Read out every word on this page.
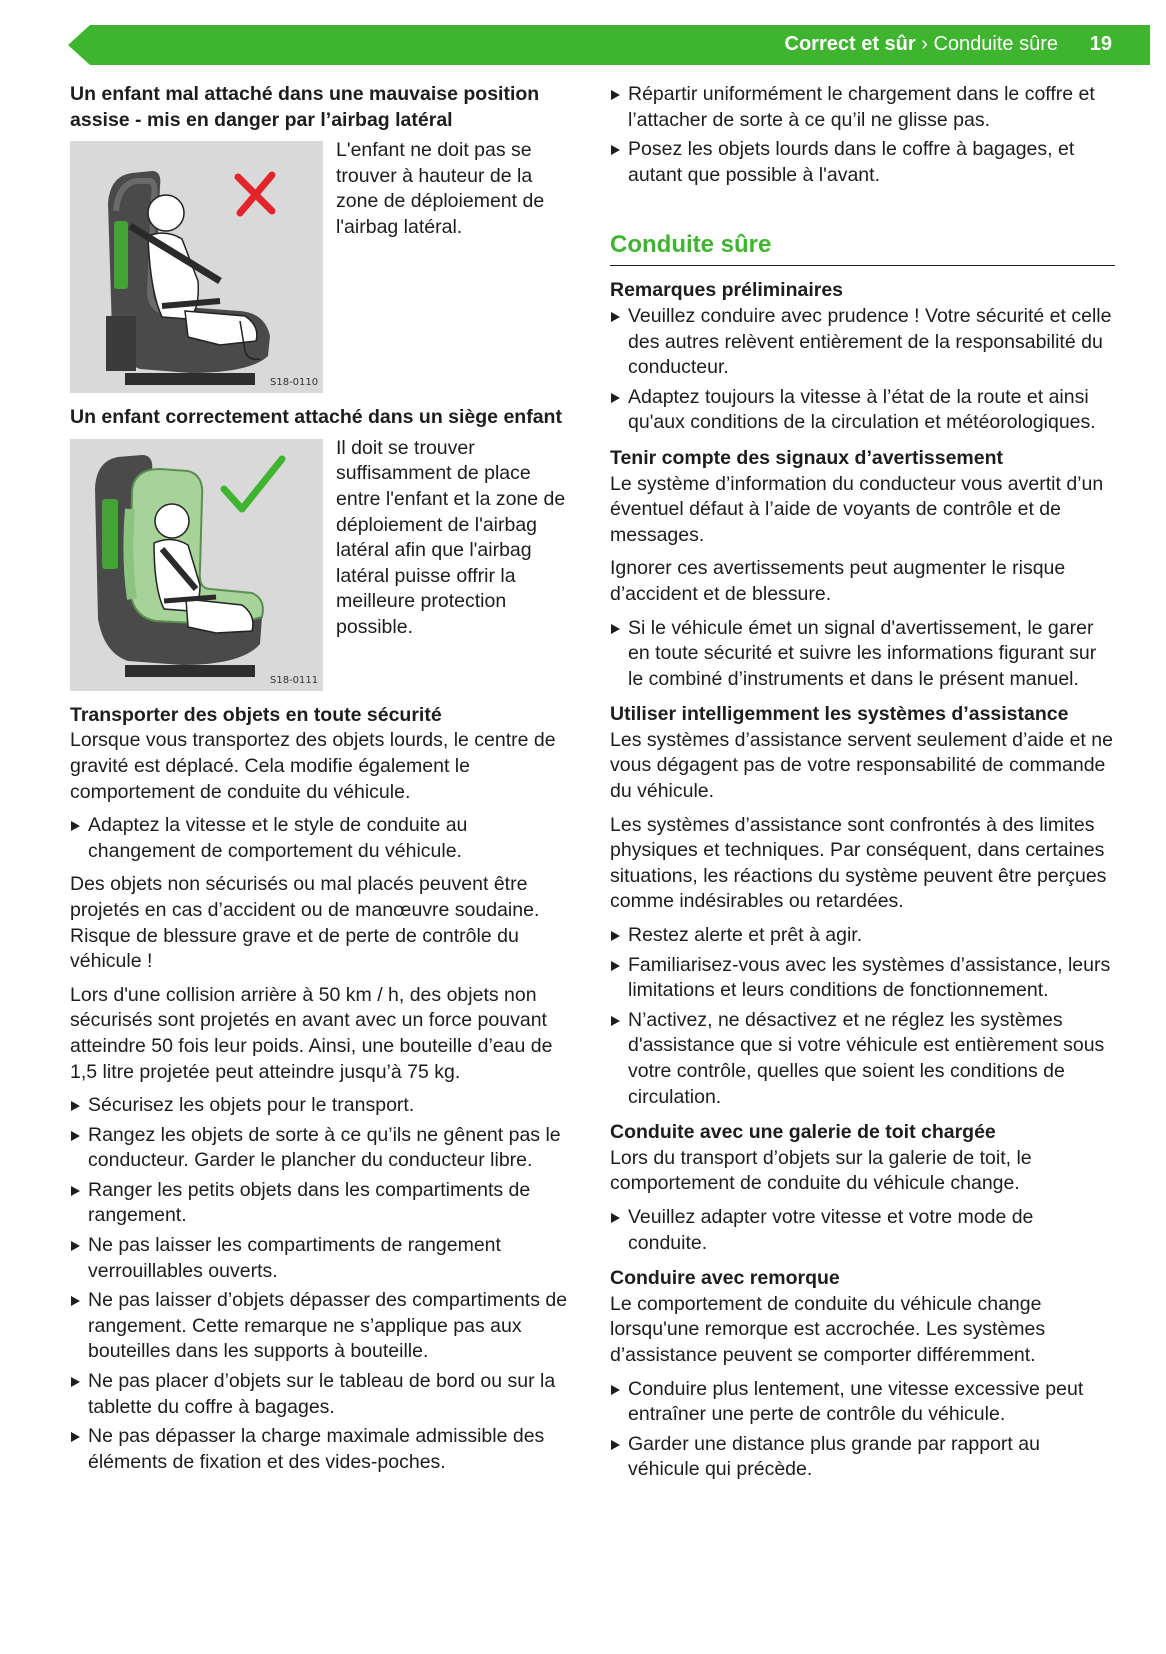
Correct et sûr › Conduite sûre 19

Un enfant mal attaché dans une mauvaise position assise - mis en danger par l’airbag latéral

S18-0110
L'enfant ne doit pas se trouver à hauteur de la zone de déploiement de l'airbag latéral.

Un enfant correctement attaché dans un siège enfant

S18-0111
Il doit se trouver suffisamment de place entre l'enfant et la zone de déploiement de l'airbag latéral afin que l'airbag latéral puisse offrir la meilleure protection possible.

Transporter des objets en toute sécurité

Lorsque vous transportez des objets lourds, le centre de gravité est déplacé. Cela modifie également le comportement de conduite du véhicule.

Adaptez la vitesse et le style de conduite au changement de comportement du véhicule.

Des objets non sécurisés ou mal placés peuvent être projetés en cas d’accident ou de manœuvre soudaine. Risque de blessure grave et de perte de contrôle du véhicule !

Lors d'une collision arrière à 50 km / h, des objets non sécurisés sont projetés en avant avec un force pouvant atteindre 50 fois leur poids. Ainsi, une bouteille d’eau de 1,5 litre projetée peut atteindre jusqu’à 75 kg.

Sécurisez les objets pour le transport.

Rangez les objets de sorte à ce qu’ils ne gênent pas le conducteur. Garder le plancher du conducteur libre.

Ranger les petits objets dans les compartiments de rangement.

Ne pas laisser les compartiments de rangement verrouillables ouverts.

Ne pas laisser d’objets dépasser des compartiments de rangement. Cette remarque ne s’applique pas aux bouteilles dans les supports à bouteille.

Ne pas placer d’objets sur le tableau de bord ou sur la tablette du coffre à bagages.

Ne pas dépasser la charge maximale admissible des éléments de fixation et des vides-poches.

Répartir uniformément le chargement dans le coffre et l’attacher de sorte à ce qu’il ne glisse pas.

Posez les objets lourds dans le coffre à bagages, et autant que possible à l'avant.

Conduite sûre

Remarques préliminaires

Veuillez conduire avec prudence ! Votre sécurité et celle des autres relèvent entièrement de la responsabilité du conducteur.

Adaptez toujours la vitesse à l’état de la route et ainsi qu'aux conditions de la circulation et météorologiques.

Tenir compte des signaux d’avertissement

Le système d’information du conducteur vous avertit d’un éventuel défaut à l’aide de voyants de contrôle et de messages.

Ignorer ces avertissements peut augmenter le risque d’accident et de blessure.

Si le véhicule émet un signal d'avertissement, le garer en toute sécurité et suivre les informations figurant sur le combiné d’instruments et dans le présent manuel.

Utiliser intelligemment les systèmes d’assistance

Les systèmes d’assistance servent seulement d’aide et ne vous dégagent pas de votre responsabilité de commande du véhicule.

Les systèmes d’assistance sont confrontés à des limites physiques et techniques. Par conséquent, dans certaines situations, les réactions du système peuvent être perçues comme indésirables ou retardées.

Restez alerte et prêt à agir.

Familiarisez-vous avec les systèmes d’assistance, leurs limitations et leurs conditions de fonctionnement.

N’activez, ne désactivez et ne réglez les systèmes d'assistance que si votre véhicule est entièrement sous votre contrôle, quelles que soient les conditions de circulation.

Conduite avec une galerie de toit chargée

Lors du transport d’objets sur la galerie de toit, le comportement de conduite du véhicule change.

Veuillez adapter votre vitesse et votre mode de conduite.

Conduire avec remorque

Le comportement de conduite du véhicule change lorsqu'une remorque est accrochée. Les systèmes d’assistance peuvent se comporter différemment.

Conduire plus lentement, une vitesse excessive peut entraîner une perte de contrôle du véhicule.

Garder une distance plus grande par rapport au véhicule qui précède.
